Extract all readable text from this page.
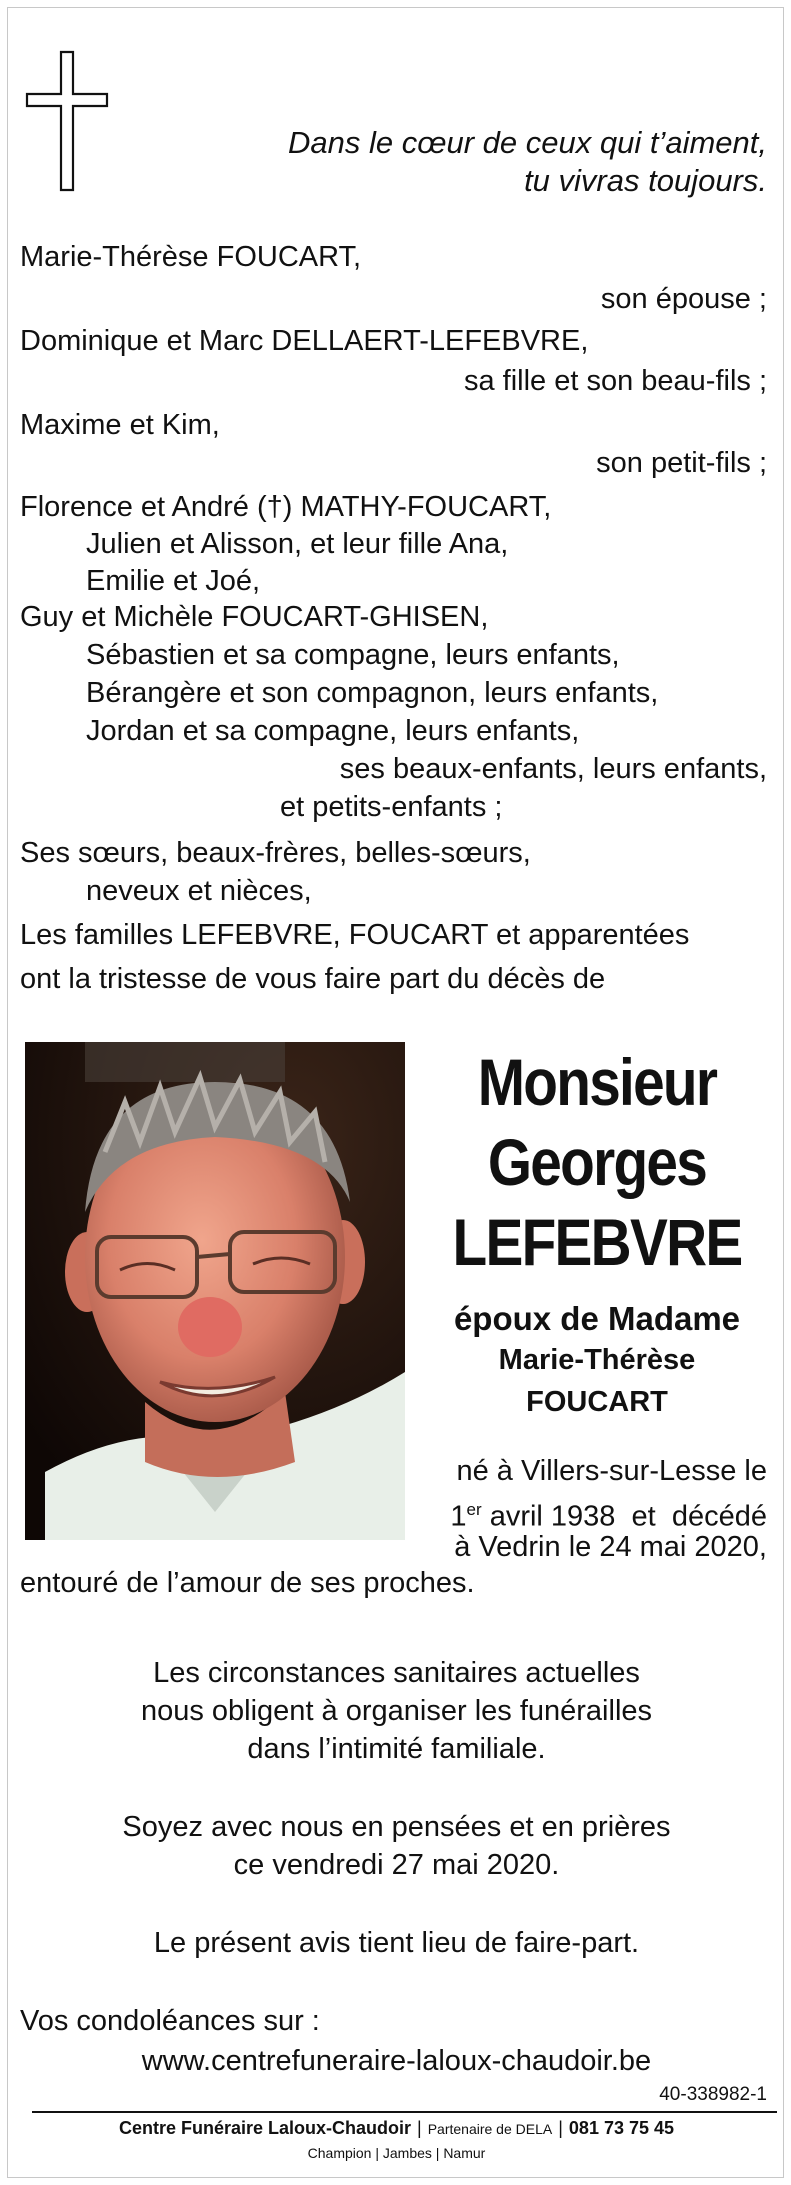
Dans le cœur de ceux qui t’aiment,
tu vivras toujours.
Marie-Thérèse FOUCART,
son épouse ;
Dominique et Marc DELLAERT-LEFEBVRE,
sa fille et son beau-fils ;
Maxime et Kim,
son petit-fils ;
Florence et André (†) MATHY-FOUCART,
Julien et Alisson, et leur fille Ana,
Emilie et Joé,
Guy et Michèle FOUCART-GHISEN,
Sébastien et sa compagne, leurs enfants,
Bérangère et son compagnon, leurs enfants,
Jordan et sa compagne, leurs enfants,
ses beaux-enfants, leurs enfants,
et petits-enfants ;
Ses sœurs, beaux-frères, belles-sœurs,
neveux et nièces,
Les familles LEFEBVRE, FOUCART et apparentées
ont la tristesse de vous faire part du décès de
Monsieur
Georges
LEFEBVRE
époux de Madame
Marie-Thérèse
FOUCART
né à Villers-sur-Lesse le
1er avril 1938  et  décédé
à Vedrin le 24 mai 2020,
entouré de l’amour de ses proches.
Les circonstances sanitaires actuelles
nous obligent à organiser les funérailles
dans l’intimité familiale.
Soyez avec nous en pensées et en prières
ce vendredi 27 mai 2020.
Le présent avis tient lieu de faire-part.
Vos condoléances sur :
www.centrefuneraire-laloux-chaudoir.be
40-338982-1
Centre Funéraire Laloux-Chaudoir | Partenaire de DELA | 081 73 75 45
Champion | Jambes | Namur
